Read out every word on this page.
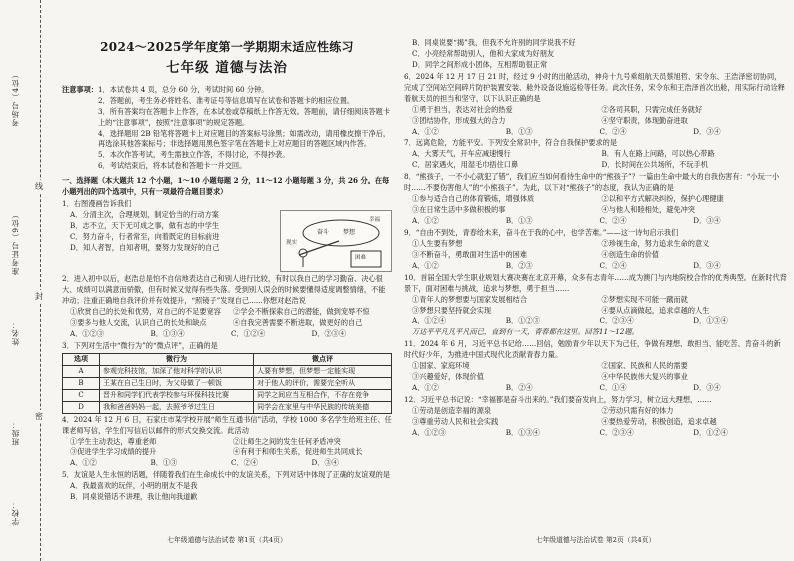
学校：
班级：
姓名：
准考证号（9位）
考场号（4位）
密
封
线
2024～2025学年度第一学期期末适应性练习
七年级 道德与法治
注意事项： 1．本试卷共 4 页，总分 60 分，考试时间 60 分钟。
2．答题前，考生务必将姓名、准考证号等信息填写在试卷和答题卡的相应位置。
3．所有答案均在答题卡上作答，在本试卷或草稿纸上作答无效。答题前，请仔细阅读答题卡上的“注意事项”，按照“注意事项”的规定答题。
4．选择题用 2B 铅笔将答题卡上对应题目的答案标号涂黑；如需改动，请用橡皮擦干净后，再选涂其他答案标号；非选择题用黑色签字笔在答题卡上对应题目的答题区域内作答。
5．本次作答考试，考生需独立作答，不得讨论，不得抄袭。
6．考试结束后，将本试卷和答题卡一并交回。
一、选择题（本大题共 12 个小题，1～10 小题每题 2 分，11～12 小题每题 3 分，共 26 分。在每小题列出的四个选项中，只有一项最符合题目要求）
1．右图漫画告诉我们
奋斗 梦想
现实
困难
幸福
A．分清主次，合理规划，制定恰当的行动方案
B．志不立，天下无可成之事，做有志的中学生
C．努力奋斗，行者常至，向着既定的目标前进
D．知人者智，自知者明，要努力发现好的自己
2．进入初中以后，赵浩总是怕不自信地表达自己和别人进行比较，有时以我自己的学习勤奋、决心很大、成绩可以满意而骄傲，但有时候又觉得有些失落。受到别人误会的时候要懂得适度调整情绪，不能冲动；注重正确地自我评价并有效提升，“照镜子”发现自己......你想对赵浩说
①欣赏自己的长处和优势，对自己的不足要宽容	②学会不断探索自己的潜能，做到宠辱不惊
③要多与他人交流，认识自己的长处和缺点	④自我完善需要不断进取，做更好的自己
A．①②③	B．①③④	C．①②④	D．②③④
3．下列对生活中“微行为”的“微点评”，正确的是
选项	微行为	微点评
A	参观完科技馆，加深了他对科学的认识	人要有梦想，但梦想一定能实现
B	王某在自己生日时，为父母做了一顿饭	对于他人的评价，需要完全听从
C	晋升和同学们代表学校参与环保科技比赛	同学之间应当互相合作，不存在竞争
D	我和爸爸妈妈一起，去照爷爷过生日	同学会在家里与中华民族的传统美德
4．2024 年 12 月 6 日，石家庄市某学校开展“师生互通书信”活动，学校 1000 多名学生给班主任、任课老师写信，学生们写信后以邮件的形式交换交流。此活动
①学生主动表达，尊重老师	②让师生之间的发生任何矛盾冲突
③促进学生学习成绩的提升	④有利于和师生关系，促进师生共同成长
A．①②	B．①③	C．②④	D．③④
5．友谊是人生永恒的话题，伴随着我们在生命成长中的友谊关系，下列对话中体现了正确的友谊观的是
A．我最喜欢的玩伴，小明的朋友不是我
B．同桌说错话不讲理，我让他向我道歉
七年级道德与法治试卷 第1页（共4页）
B．同桌说要“揭”我，但我不允许别的同学说我不好
C．小亮经常帮助别人，他和大家成为好朋友
D．同学之间形成小团体，互相帮助很正常
6．2024 年 12 月 17 日 21 时，经过 9 小时的出舱活动，神舟十九号乘组航天员蔡旭哲、宋令东、王浩泽密切协同，完成了空间站空间碎片防护装置安装、舱外设备设施巡检等任务。此次任务，宋令东和王浩泽首次出舱，用实际行动诠释着航天员的担当和坚守，以下认识正确的是
①勇于担当，表达对社会的热爱	②各司其职，只需完成任务就好
③团结协作，形成强大的合力	④坚守职责，体现勤奋进取
A．①②	B．①③	C．②④	D．③④
7．远离危险，方能平安。下列安全常识中，符合自我保护要求的是
A．大雾天气，开车应减速慢行	B．有人在路上问路，可以热心带路
C．居家遇火，用湿毛巾捂住口鼻	D．长时间在公共场所，不玩手机
8．“熊孩子，一不小心就犯了错”，我们应当如何看待生命中的“熊孩子”？一篇由生命中最大的自我伤害有：“小玩一小时……不要伤害他人”的“小熊孩子”。为此，以下对“熊孩子”的态度，我认为正确的是
①参与适合自己的体育锻炼，增强体质	②以和平方式解决纠纷，保护心理健康
③在日常生活中多做积极的事	④与他人和睦相处，避免冲突
A．①②	B．①③	C．②④	D．③④
9．“自由不到处，青春给未来，奋斗在于我的心中，也学苦难。”——这一诗句启示我们
①人生要有梦想	②珍视生命，努力追求生命的意义
③不断奋斗，勇敢面对生活中的困难	④创造生命的价值
A．①②	B．②③	C．②④	D．③④
10．首届全国大学生职业规划大赛决赛在北京开幕，众多有志青年……成为澳门与内地院校合作的优秀典型。在新时代背景下，面对困难与挑战，追求与梦想，勇于担当……
①青年人的梦想要与国家发展相结合	②梦想实现不可能一蹴而就
③梦想只要坚持就会实现	④要从点滴做起，追求卓越的人生
A．①②④	B．①②③	C．②③④	D．①③④
万达平平凡凡平凡而已，直到有一天，青春都在这里。回答11～12题。
11．2024 年 6 月，习近平总书记给……回信，勉励青少年以天下为己任，争做有理想、敢担当、能吃苦、肯奋斗的新时代好少年，为推进中国式现代化贡献青春力量。
①国家、家庭环境	②国家、民族和人民的需要
③兴趣爱好，体现价值	④中华民族伟大复兴的事业
A．①②	B．②④	C．①④	D．③④
12．习近平总书记说：“幸福都是奋斗出来的。”我们要奋发向上，努力学习，树立远大理想，……
①劳动是创造幸福的源泉	②劳动只需有好的体力
③尊重劳动人民和社会实践	④要热爱劳动，积极创造，追求卓越
A．①②③	B．①③④	C．②③④	D．①②④
七年级道德与法治试卷 第2页（共4页）
